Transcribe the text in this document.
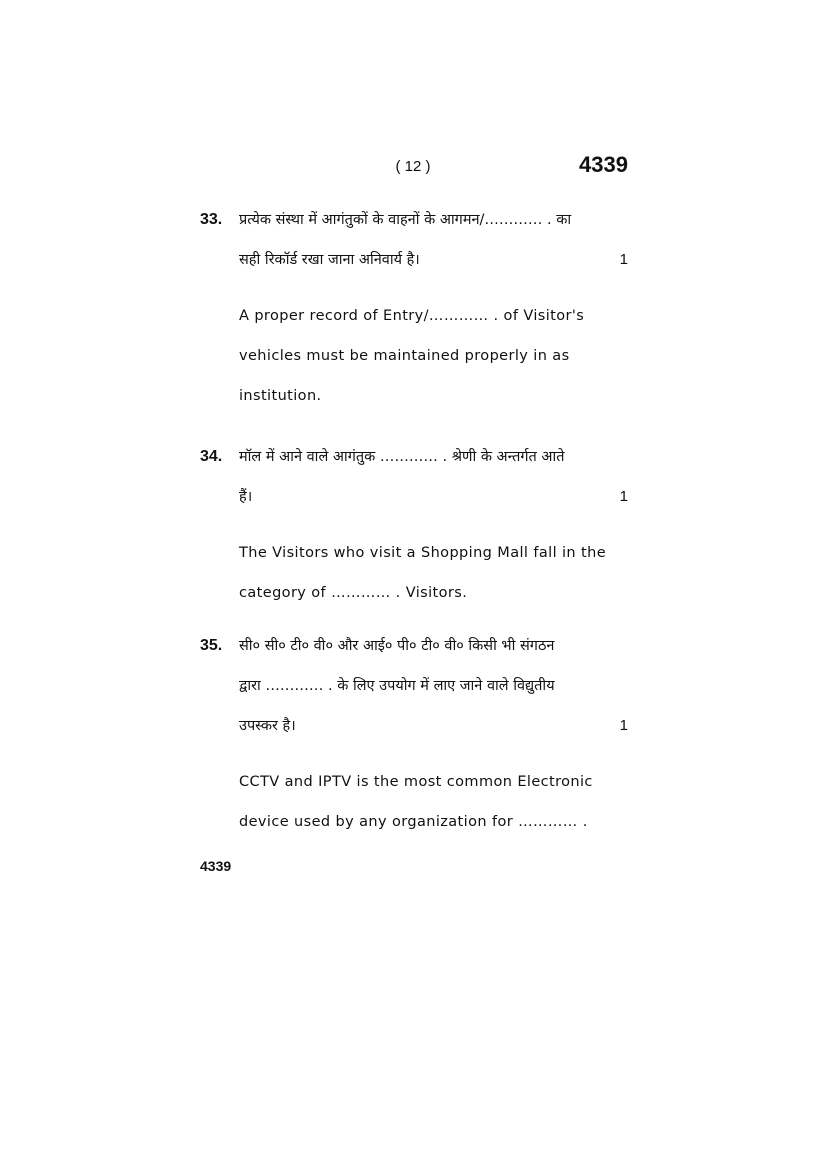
( 12 )	4339
33. प्रत्येक संस्था में आगंतुकों के वाहनों के आगमन/………… . का
सही रिकॉर्ड रखा जाना अनिवार्य है।	1
A proper record of Entry/………… . of Visitor's
vehicles must be maintained properly in as
institution.
34. मॉल में आने वाले आगंतुक ………… . श्रेणी के अन्तर्गत आते
हैं।	1
The Visitors who visit a Shopping Mall fall in the
category of ………… . Visitors.
35. सी० सी० टी० वी० और आई० पी० टी० वी० किसी भी संगठन
द्वारा ………… . के लिए उपयोग में लाए जाने वाले विद्युतीय
उपस्कर है।	1
CCTV and IPTV is the most common Electronic
device used by any organization for ………… .
4339
